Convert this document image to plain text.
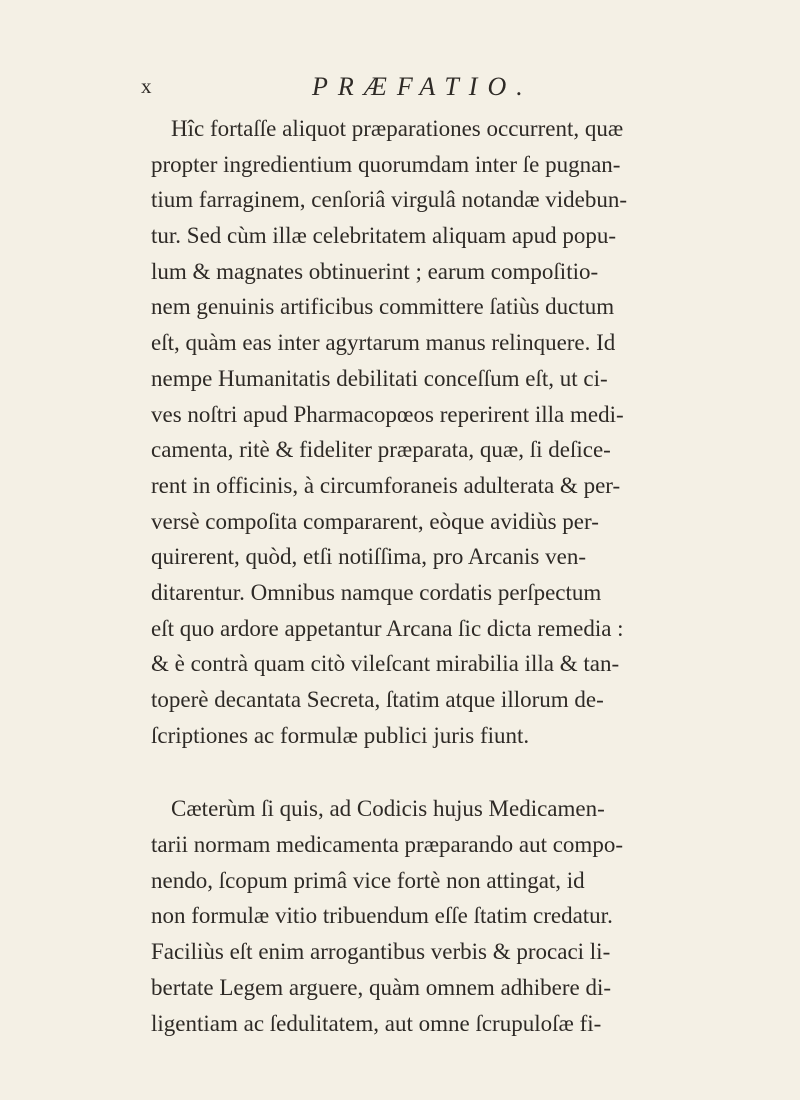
x	PRÆFATIO.
Hîc fortaſſe aliquot præparationes occurrent, quæ
propter ingredientium quorumdam inter ſe pugnan-
tium farraginem, cenſoriâ virgulâ notandæ videbun-
tur. Sed cùm illæ celebritatem aliquam apud popu-
lum & magnates obtinuerint ; earum compoſitio-
nem genuinis artificibus committere ſatiùs ductum
eſt, quàm eas inter agyrtarum manus relinquere. Id
nempe Humanitatis debilitati conceſſum eſt, ut ci-
ves noſtri apud Pharmacopœos reperirent illa medi-
camenta, ritè & fideliter præparata, quæ, ſi deſice-
rent in officinis, à circumforaneis adulterata & per-
versè compoſita compararent, eòque avidiùs per-
quirerent, quòd, etſi notiſſima, pro Arcanis ven-
ditarentur. Omnibus namque cordatis perſpectum
eſt quo ardore appetantur Arcana ſic dicta remedia :
& è contrà quam citò vileſcant mirabilia illa & tan-
toperè decantata Secreta, ſtatim atque illorum de-
ſcriptiones ac formulæ publici juris fiunt.
Cæterùm ſi quis, ad Codicis hujus Medicamen-
tarii normam medicamenta præparando aut compo-
nendo, ſcopum primâ vice fortè non attingat, id
non formulæ vitio tribuendum eſſe ſtatim credatur.
Faciliùs eſt enim arrogantibus verbis & procaci li-
bertate Legem arguere, quàm omnem adhibere di-
ligentiam ac ſedulitatem, aut omne ſcrupuloſæ fi-
